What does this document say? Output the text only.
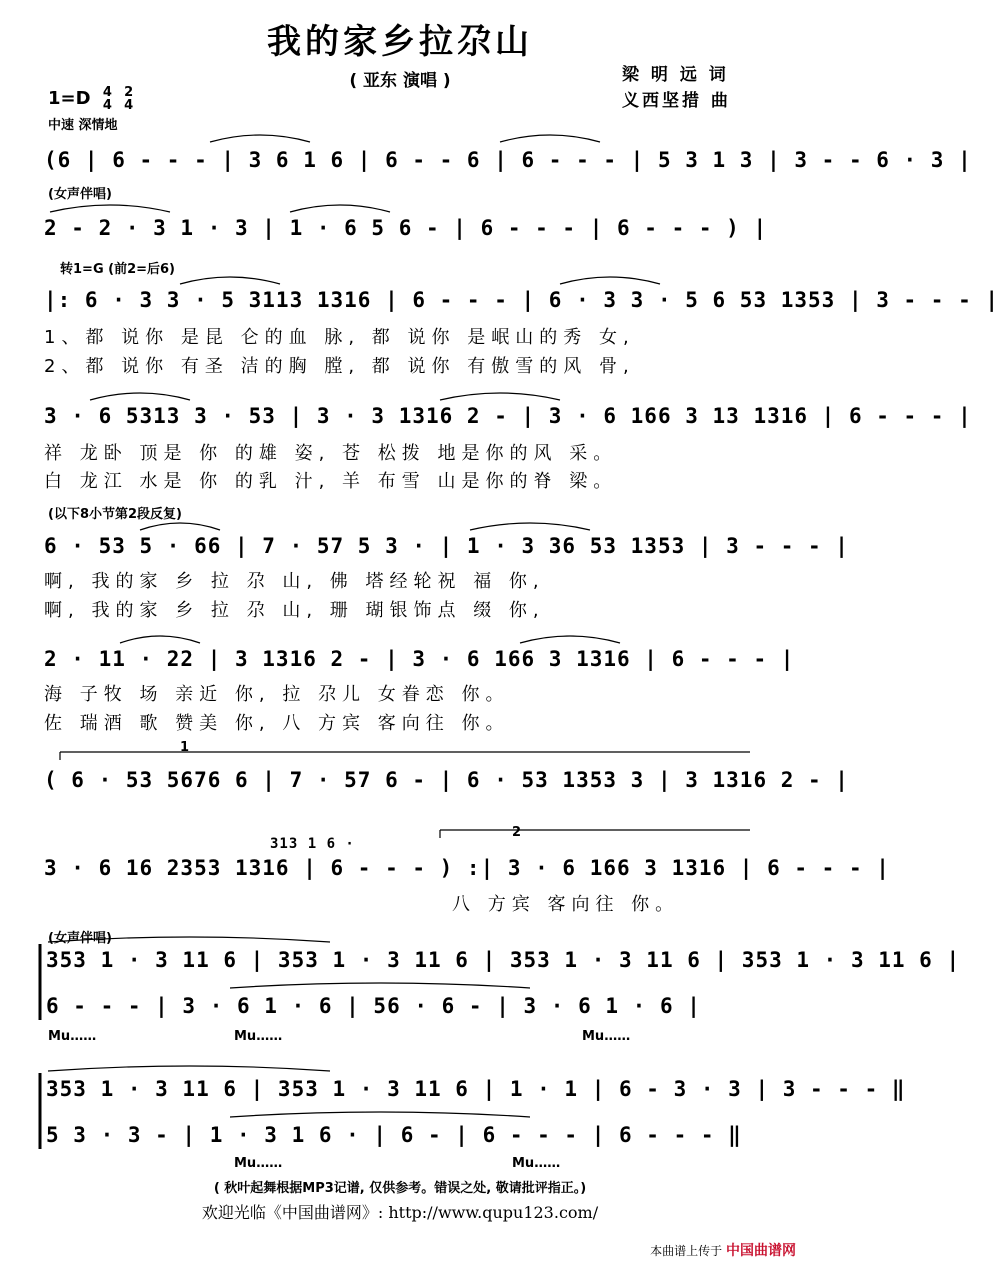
我的家乡拉尕山
( 亚东 演唱 )	梁 明 远 词
义西坚措 曲
1=D 4
4 2
4
中速 深情地
(女声伴唱)
转1=G (前2=后6)
(以下8小节第2段反复)
(女声伴唱)
1
2
(6 | 6 - - - | 3 6 1 6 | 6 - - 6 | 6 - - - | 5 3 1 3 | 3 - - 6 · 3 |
2 - 2 · 3 1 · 3 | 1 · 6 5 6 - | 6 - - - | 6 - - - ) |
|: 6 · 3 3 · 5 3113 1316 | 6 - - - | 6 · 3 3 · 5 6 53 1353 | 3 - - - |
1、都 说你 是昆 仑的血 脉, 都 说你 是岷山的秀 女,
2、都 说你 有圣 洁的胸 膛, 都 说你 有傲雪的风 骨,
3 · 6 5313 3 · 53 | 3 · 3 1316 2 - | 3 · 6 166 3 13 1316 | 6 - - - |
祥 龙卧 顶是 你 的雄 姿, 苍 松拨 地是你的风 采。
白 龙江 水是 你 的乳 汁, 羊 布雪 山是你的脊 梁。
6 · 53 5 · 66 | 7 · 57 5 3 · | 1 · 3 36 53 1353 | 3 - - - |
啊, 我的家 乡 拉 尕 山, 佛 塔经轮祝 福 你,
啊, 我的家 乡 拉 尕 山, 珊 瑚银饰点 缀 你,
2 · 11 · 22 | 3 1316 2 - | 3 · 6 166 3 1316 | 6 - - - |
海 子牧 场 亲近 你, 拉 尕儿 女眷恋 你。
佐 瑞酒 歌 赞美 你, 八 方宾 客向往 你。
( 6 · 53 5676 6 | 7 · 57 6 - | 6 · 53 1353 3 | 3 1316 2 - |
313 1 6 ·
3 · 6 16 2353 1316 | 6 - - - ) :| 3 · 6 166 3 1316 | 6 - - - |
八 方宾 客向往 你。
353 1 · 3 11 6 | 353 1 · 3 11 6 | 353 1 · 3 11 6 | 353 1 · 3 11 6 |
6 - - - | 3 · 6 1 · 6 | 56 · 6 - | 3 · 6 1 · 6 |
Mu……	Mu……	Mu……
353 1 · 3 11 6 | 353 1 · 3 11 6 | 1 · 1 | 6 - 3 · 3 | 3 - - - ‖
5 3 · 3 - | 1 · 3 1 6 · | 6 - | 6 - - - | 6 - - - ‖
Mu……	Mu……
( 秋叶起舞根据MP3记谱, 仅供参考。错误之处, 敬请批评指正。)
欢迎光临《中国曲谱网》: http://www.qupu123.com/
本曲谱上传于 中国曲谱网
